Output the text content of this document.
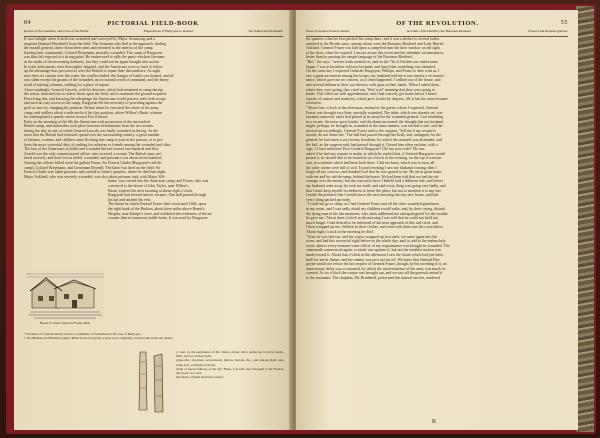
84	PICTORIAL FIELD-BOOK
Retreat of the Germans, and Close of the Battle.	Preparations of Burgoyne to Retreat.	The Allied and Wounded.
It was twilight when Arnold was wounded and conveyed by Major Armstrong and a
sergeant (Samuel Woodruff) from the field. The Germans who fled at the approach, finding
the assault general, threw down their arms and retreated to the interior of the camp,
leaving their commander, Colonel Breymann, mortally wounded. The camp of Burgoyne
was thus left exposed at a strong point. He endeavored to rally the panic-stricken Germans
in the midst of the increasing darkness, but they could not be again brought into action.
In truth, both armies were thoroughly fatigued, and the Americans were so fatal to follow
up the advantage thus procured as were the British to repair their discomfiture. As night
now drew its curtain over the scene, the conflict ended, the clangor of battle was hushed, and all
was silent except the groans of the wounded, an occasional word of command, and the heavy
tread of retiring columns, seeking for a place of repose.
Above midnight, General Lincoln, with his division, which had remained in camp during
the action, marched out to relieve those upon the field, and to maintain the ground acquired.
Perceiving this, and knowing the advantage the Americans would possess with fresh troops
and such an easy access to his camp, Burgoyne felt the necessity of providing against the
peril at once by changing his position. Before dawn he executed the whole of his army,
camp, and artillery about a mile north of his first position, above Wilbur's Basin, whence
he contemplated a speedy retreat toward Fort Edward.
Early on the morning of the 8th the Americans took possession of the entrenched
British camp, and skirmishes took place between detachments from the two armies
during the day, in one of which General Lincoln was badly wounded in the leg. As the
news that the British had retreated spread over the surrounding country, a great number
of farmers, women, and children came flocking into camp to join in the pursuit, or to per-
form the more sorrowful duty of seeking for relatives or friends among the wounded and slain.
The loss of the Americans in killed and wounded did not exceed one hundred and fifty.
Arnold was the only commissioned officer who received a wound. The British army suf-
fered severely, and their loss in killed, wounded, and prisoners was about seven hundred.
Among the officers killed were the gallant Fraser, Sir Francis Clarke (Burgoyne's aid-de-
camp), Colonel Breymann, and Lieutenant Reynell. The latter two died on the field; Sir
Francis Clarke was taken prisoner, and carried to Gates's quarters, where he died that night.
Major Ackland, who was severely wounded, was also taken prisoner, and, with Major Wil-
liams, was carried into the American camp; and Fraser, who was
conveyed to the house of John Taylor, near Wilbur's
Basin, expired the next morning at about eight o'clock.
Burgoyne had several narrow escapes. One ball passed through
his hat and another his vest.
The house in which General Fraser died stood until 1846, upon
the right bank of the Hudson, about three miles above Bemis's
Heights, near Kneipe's store, and exhibited the evidences of the en-
counter then in numerous bullet-holes. It was used by Burgoyne
House in which General Fraser died.
* Evidence of Captain Money before a committee of Parliament in the case of Burgoyne.
† The Brinkan and Brunsan rangers killed in the foregoing actions were originally covered with earth and turned
‡ I am, by the permission of Mr. Nelson, many relics picked up from the battle-field, such as cannon-balls,
grape-shot, bayonets, arrow-heads, knives, buttons, &c., and among them were some bars, evidently from the
chain of sleeve-buttons, at the left. These, it is said, that belonged to Sir Francis, the lower, it is said,
that many of them had been wasted.
OF THE REVOLUTION.	55
Fears of General Fraser's Death.	Account of his Death by the Baroness Riedesel.	Fraser's last Request granted.
for quarters when he first pitched his camp there, and it was a shelter to several ladies
attached to the British army, among whom were the Baroness Riedesel and Lady Harriet
Ackland. General Fraser was laid upon a camp-bed near the door window on the right
of the door, where he expired. I am not aware this event and the attendant circumstances
better than by quoting the simple language of the Baroness Riedesel.
"But," she says, "severer trials awaited us, and on the 7th of October our misfortunes
began. I was at breakfast with my husband, and heard that something was intended.
On the same day I expected Generals Burgoyne, Phillips, and Fraser to dine with us. I
saw a great movement among the troops; my husband told me it was merely a reconnois-
sance, which gave me no concern, as it often happened. I walked out of the house, and
met several Indians in their war dresses, with guns in their hands. When I asked them
where they were going, they cried out, 'War! war!' meaning that they were going to
battle. This filled me with apprehension, and I had scarcely got home before I heard
reports of cannon and musketry, which grew louder by degrees, till at last the noise became
excessive.
"About four o'clock in the afternoon, instead of the guests whom I expected, General
Fraser was brought on a litter, mortally wounded. The table, which was already set, was
instantly removed, and a bed placed in its stead for the wounded general. I sat trembling
in a corner; the noise grew louder, and the alarm increased; the thought that my husband
might, perhaps, be brought in, wounded in the same manner, was terrible to me, and dis-
tressed me exceedingly. General Fraser said to the surgeon, 'Tell me if my wound is
mortal; do not flatter me.' The ball had passed through his body, and, unhappily for the
general, he had eaten a very hearty breakfast, by which the stomach was distended, and
the ball, as the surgeon said, had passed through it. I heard him often exclaim, with a
sigh, 'O fatal ambition! Poor General Burgoyne! Oh! my poor wife!' He was
asked if he had any request to make, to which he replied that, if General Burgoyne would
permit it, he should like to be buried at six o'clock in the evening, on the top of a moun-
tain, in a redoubt which had been built there. I did not know which way to turn; all
the other rooms were full of sick. Toward evening I saw my husband coming; then I
forgot all my sorrows, and thanked God that he was spared to me. He ate in great haste,
with me and his aid-de-camp, behind the house. We had been told that we had the ad-
vantage over the enemy, but the sorrowful faces I beheld told a different tale; and before
my husband went away, he took me aside, and said every thing was going very badly, and
that I must keep myself in readiness to leave the place, but not to mention it to any one.
I made the pretence that I would move the next morning into my new house, and had
every thing packed up ready.
"I could not go to sleep, as I had General Fraser and all the other wounded gentlemen
in my room, and I was sadly afraid my children would wake, and, by their crying, disturb
the dying man in his last moments, who often addressed me and apologized 'for the trouble
he gave me.' About three o'clock in the morning I was told that he could not hold out
much longer. I had desired to be informed of the near approach of this sad crisis, and
I then wrapped up my children in their clothes, and went with them into the room below.
About eight o'clock in the morning he died.
"After he was laid out, and his corpse wrapped up in a sheet, we came again into the
room, and had this sorrowful sight before us the whole day; and, to add to the melancholy
scene, almost every moment some officer of my acquaintance was brought in wounded. The
cannonade commenced again; a retreat was spoken of, but not the smallest motion was
made toward it. About four o'clock in the afternoon I saw the house which had just been
built for me in flames, and the enemy was now not far off. We knew that General Bur-
goyne would not refuse the last request of General Fraser, though, by his acceding to it, an
unnecessary delay was occasioned, by which the inconvenience of the army was much in-
creased. At six o'clock the corpse was brought out, and we saw all the generals attend it
to the mountain. The chaplain, Mr. Brudenell, performed the funeral service, rendered
K
